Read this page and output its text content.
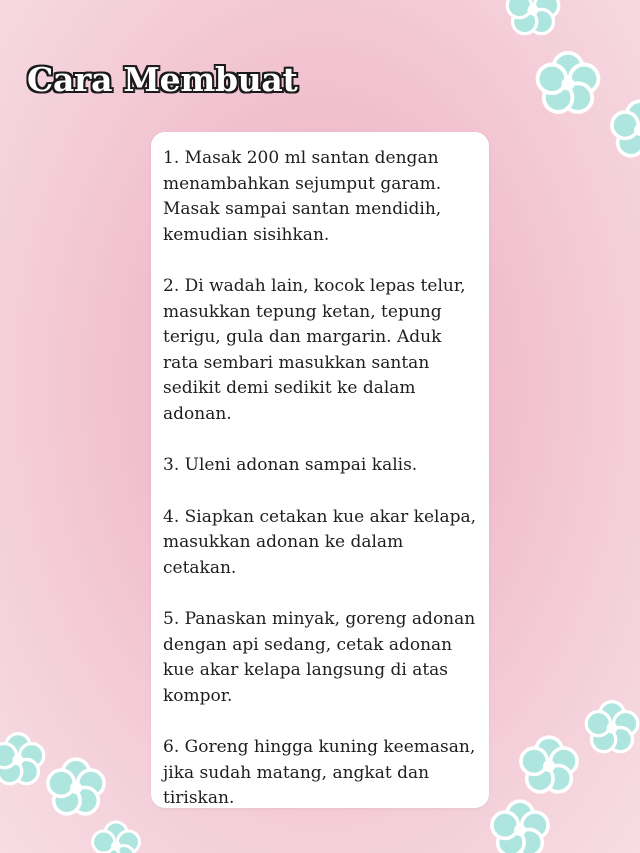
Cara Membuat
1. Masak 200 ml santan dengan
menambahkan sejumput garam.
Masak sampai santan mendidih,
kemudian sisihkan.
2. Di wadah lain, kocok lepas telur,
masukkan tepung ketan, tepung
terigu, gula dan margarin. Aduk
rata sembari masukkan santan
sedikit demi sedikit ke dalam
adonan.
3. Uleni adonan sampai kalis.
4. Siapkan cetakan kue akar kelapa,
masukkan adonan ke dalam
cetakan.
5. Panaskan minyak, goreng adonan
dengan api sedang, cetak adonan
kue akar kelapa langsung di atas
kompor.
6. Goreng hingga kuning keemasan,
jika sudah matang, angkat dan
tiriskan.
